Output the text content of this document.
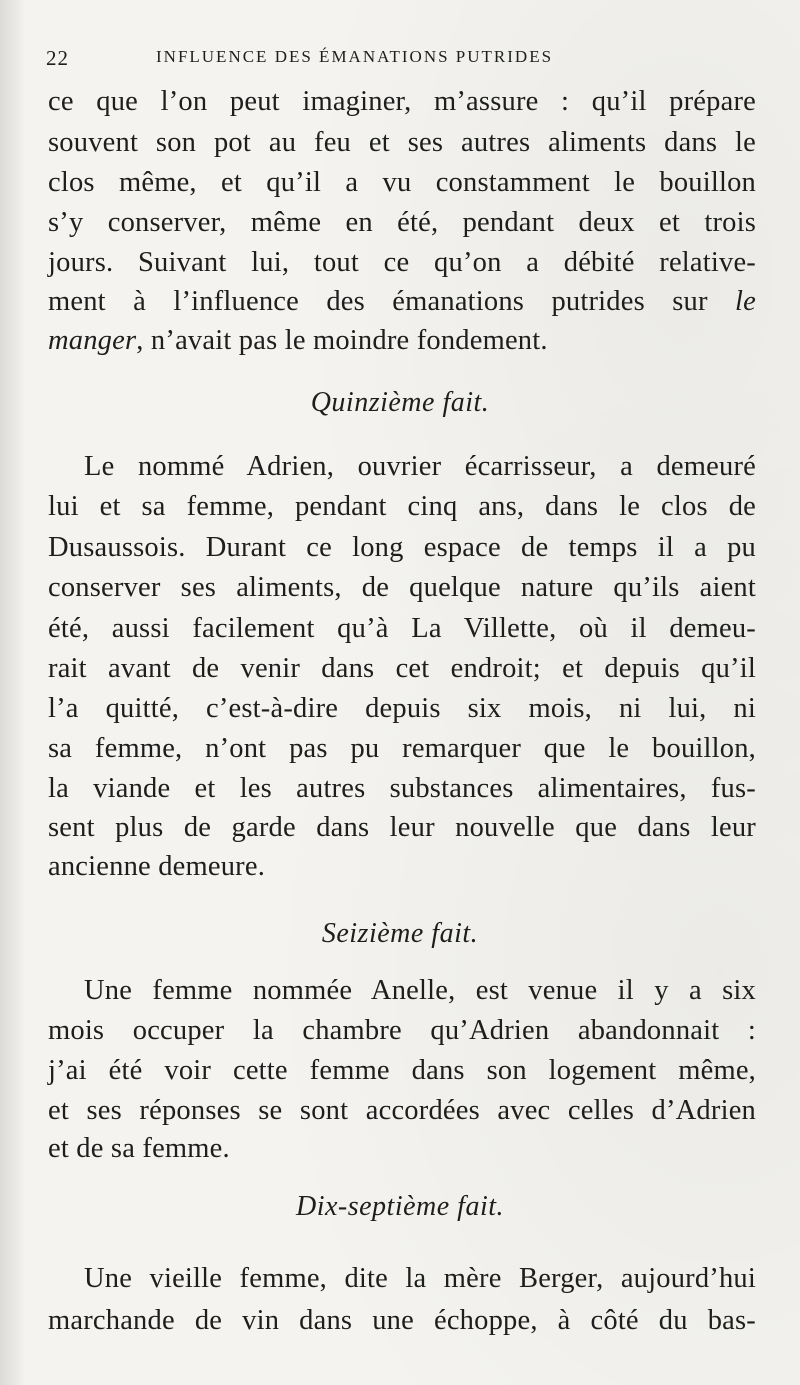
22	INFLUENCE DES ÉMANATIONS PUTRIDES
ce que l’on peut imaginer, m’assure : qu’il prépare
souvent son pot au feu et ses autres aliments dans le
clos même, et qu’il a vu constamment le bouillon
s’y conserver, même en été, pendant deux et trois
jours. Suivant lui, tout ce qu’on a débité relative-
ment à l’influence des émanations putrides sur le
manger, n’avait pas le moindre fondement.
Quinzième fait.
Le nommé Adrien, ouvrier écarrisseur, a demeuré
lui et sa femme, pendant cinq ans, dans le clos de
Dusaussois. Durant ce long espace de temps il a pu
conserver ses aliments, de quelque nature qu’ils aient
été, aussi facilement qu’à La Villette, où il demeu-
rait avant de venir dans cet endroit; et depuis qu’il
l’a quitté, c’est-à-dire depuis six mois, ni lui, ni
sa femme, n’ont pas pu remarquer que le bouillon,
la viande et les autres substances alimentaires, fus-
sent plus de garde dans leur nouvelle que dans leur
ancienne demeure.
Seizième fait.
Une femme nommée Anelle, est venue il y a six
mois occuper la chambre qu’Adrien abandonnait :
j’ai été voir cette femme dans son logement même,
et ses réponses se sont accordées avec celles d’Adrien
et de sa femme.
Dix-septième fait.
Une vieille femme, dite la mère Berger, aujourd’hui
marchande de vin dans une échoppe, à côté du bas-
